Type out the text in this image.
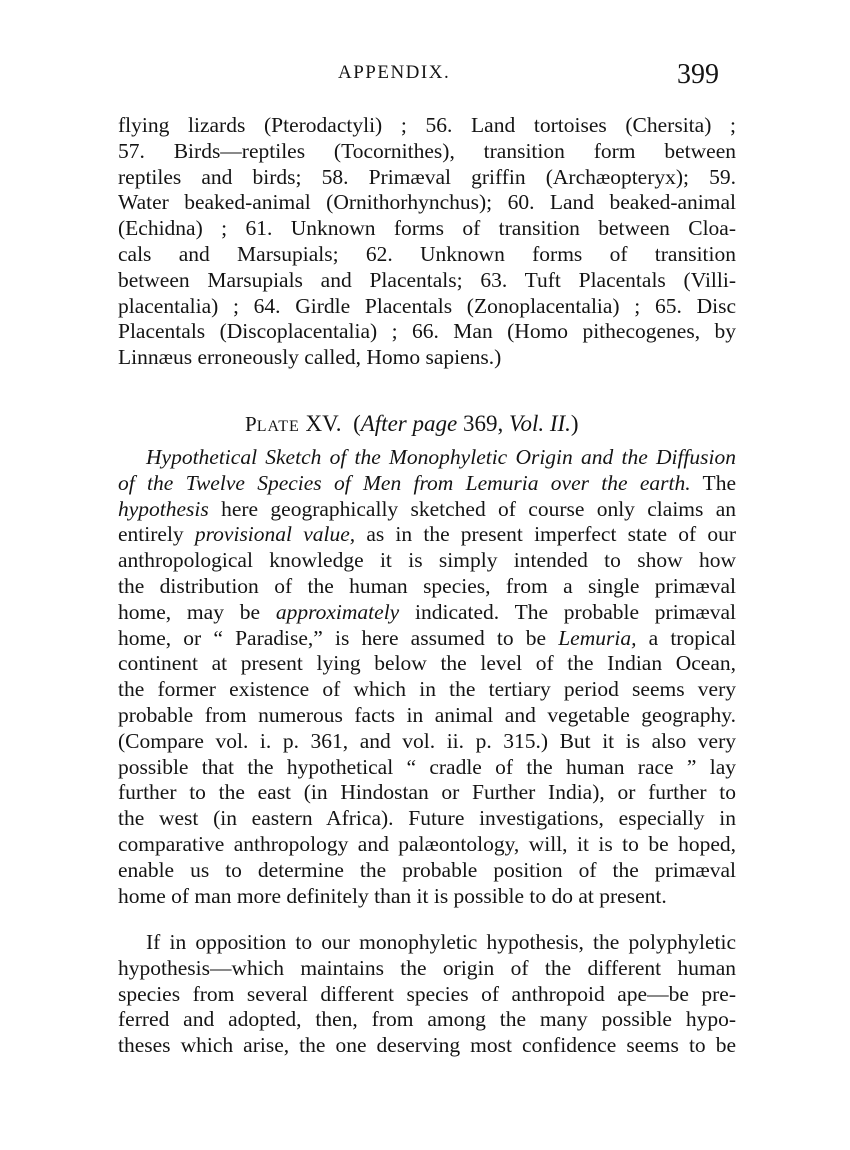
APPENDIX.	399
flying lizards (Pterodactyli) ; 56. Land tortoises (Chersita) ;
57. Birds—reptiles (Tocornithes), transition form between
reptiles and birds; 58. Primæval griffin (Archæopteryx); 59.
Water beaked-animal (Ornithorhynchus); 60. Land beaked-animal
(Echidna) ; 61. Unknown forms of transition between Cloa-
cals and Marsupials; 62. Unknown forms of transition
between Marsupials and Placentals; 63. Tuft Placentals (Villi-
placentalia) ; 64. Girdle Placentals (Zonoplacentalia) ; 65. Disc
Placentals (Discoplacentalia) ; 66. Man (Homo pithecogenes, by
Linnæus erroneously called, Homo sapiens.)
PLATE XV. (After page 369, Vol. II.)
Hypothetical Sketch of the Monophyletic Origin and the Diffusion
of the Twelve Species of Men from Lemuria over the earth. The
hypothesis here geographically sketched of course only claims an
entirely provisional value, as in the present imperfect state of our
anthropological knowledge it is simply intended to show how
the distribution of the human species, from a single primæval
home, may be approximately indicated. The probable primæval
home, or “ Paradise,” is here assumed to be Lemuria, a tropical
continent at present lying below the level of the Indian Ocean,
the former existence of which in the tertiary period seems very
probable from numerous facts in animal and vegetable geography.
(Compare vol. i. p. 361, and vol. ii. p. 315.) But it is also very
possible that the hypothetical “ cradle of the human race ” lay
further to the east (in Hindostan or Further India), or further to
the west (in eastern Africa). Future investigations, especially in
comparative anthropology and palæontology, will, it is to be hoped,
enable us to determine the probable position of the primæval
home of man more definitely than it is possible to do at present.
If in opposition to our monophyletic hypothesis, the polyphyletic
hypothesis—which maintains the origin of the different human
species from several different species of anthropoid ape—be pre-
ferred and adopted, then, from among the many possible hypo-
theses which arise, the one deserving most confidence seems to be
